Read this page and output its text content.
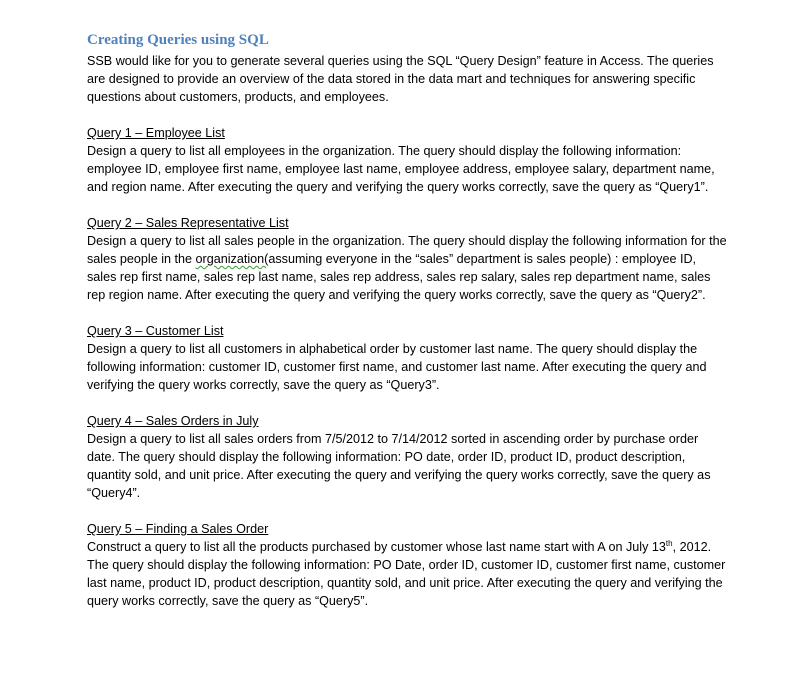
Creating Queries using SQL

SSB would like for you to generate several queries using the SQL “Query Design” feature in Access. The queries are designed to provide an overview of the data stored in the data mart and techniques for answering specific questions about customers, products, and employees.

Query 1 – Employee List

Design a query to list all employees in the organization. The query should display the following information: employee ID, employee first name, employee last name, employee address, employee salary, department name, and region name. After executing the query and verifying the query works correctly, save the query as “Query1”.

Query 2 – Sales Representative List

Design a query to list all sales people in the organization. The query should display the following information for the sales people in the organization(assuming everyone in the “sales” department is sales people) : employee ID, sales rep first name, sales rep last name, sales rep address, sales rep salary, sales rep department name, sales rep region name. After executing the query and verifying the query works correctly, save the query as “Query2”.

Query 3 – Customer List

Design a query to list all customers in alphabetical order by customer last name. The query should display the following information: customer ID, customer first name, and customer last name. After executing the query and verifying the query works correctly, save the query as “Query3”.

Query 4 – Sales Orders in July

Design a query to list all sales orders from 7/5/2012 to 7/14/2012 sorted in ascending order by purchase order date. The query should display the following information: PO date, order ID, product ID, product description, quantity sold, and unit price. After executing the query and verifying the query works correctly, save the query as “Query4”.

Query 5 – Finding a Sales Order

Construct a query to list all the products purchased by customer whose last name start with A on July 13th, 2012. The query should display the following information: PO Date, order ID, customer ID, customer first name, customer last name, product ID, product description, quantity sold, and unit price. After executing the query and verifying the query works correctly, save the query as “Query5”.
